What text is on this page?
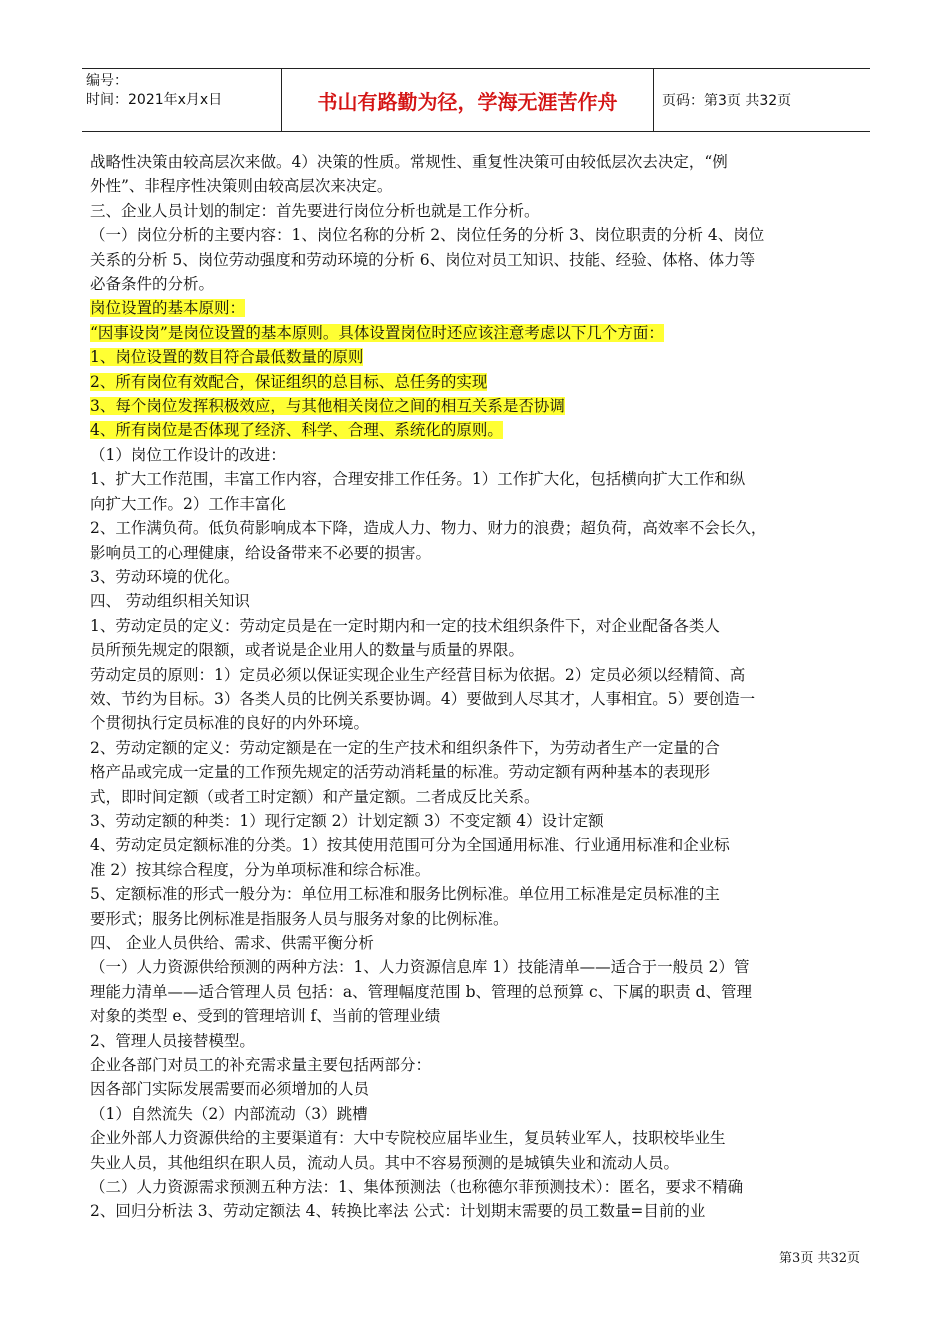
编号：
时间：2021年x月x日	书山有路勤为径，学海无涯苦作舟	页码：第3页 共32页

战略性决策由较高层次来做。4）决策的性质。常规性、重复性决策可由较低层次去决定，“例

外性”、非程序性决策则由较高层次来决定。

三、企业人员计划的制定：首先要进行岗位分析也就是工作分析。

（一）岗位分析的主要内容：1、岗位名称的分析 2、岗位任务的分析 3、岗位职责的分析 4、岗位

关系的分析 5、岗位劳动强度和劳动环境的分析 6、岗位对员工知识、技能、经验、体格、体力等

必备条件的分析。

岗位设置的基本原则：

“因事设岗”是岗位设置的基本原则。具体设置岗位时还应该注意考虑以下几个方面：

1、岗位设置的数目符合最低数量的原则

2、所有岗位有效配合，保证组织的总目标、总任务的实现

3、每个岗位发挥积极效应，与其他相关岗位之间的相互关系是否协调

4、所有岗位是否体现了经济、科学、合理、系统化的原则。

（1）岗位工作设计的改进：

1、扩大工作范围，丰富工作内容，合理安排工作任务。1）工作扩大化，包括横向扩大工作和纵

向扩大工作。2）工作丰富化

2、工作满负荷。低负荷影响成本下降，造成人力、物力、财力的浪费；超负荷，高效率不会长久，

影响员工的心理健康，给设备带来不必要的损害。

3、劳动环境的优化。

四、 劳动组织相关知识

1、劳动定员的定义：劳动定员是在一定时期内和一定的技术组织条件下，对企业配备各类人

员所预先规定的限额，或者说是企业用人的数量与质量的界限。

劳动定员的原则：1）定员必须以保证实现企业生产经营目标为依据。2）定员必须以经精简、高

效、节约为目标。3）各类人员的比例关系要协调。4）要做到人尽其才，人事相宜。5）要创造一

个贯彻执行定员标准的良好的内外环境。

2、劳动定额的定义：劳动定额是在一定的生产技术和组织条件下，为劳动者生产一定量的合

格产品或完成一定量的工作预先规定的活劳动消耗量的标准。劳动定额有两种基本的表现形

式，即时间定额（或者工时定额）和产量定额。二者成反比关系。

3、劳动定额的种类：1）现行定额 2）计划定额 3）不变定额 4）设计定额

4、劳动定员定额标准的分类。1）按其使用范围可分为全国通用标准、行业通用标准和企业标

准 2）按其综合程度，分为单项标准和综合标准。

5、定额标准的形式一般分为：单位用工标准和服务比例标准。单位用工标准是定员标准的主

要形式；服务比例标准是指服务人员与服务对象的比例标准。

四、 企业人员供给、需求、供需平衡分析

（一）人力资源供给预测的两种方法：1、人力资源信息库 1）技能清单——适合于一般员 2）管

理能力清单——适合管理人员 包括：a、管理幅度范围 b、管理的总预算 c、下属的职责 d、管理

对象的类型 e、受到的管理培训 f、当前的管理业绩

2、管理人员接替模型。

企业各部门对员工的补充需求量主要包括两部分：

因各部门实际发展需要而必须增加的人员

（1）自然流失（2）内部流动（3）跳槽

企业外部人力资源供给的主要渠道有：大中专院校应届毕业生，复员转业军人，技职校毕业生

失业人员，其他组织在职人员，流动人员。其中不容易预测的是城镇失业和流动人员。

（二）人力资源需求预测五种方法：1、集体预测法（也称德尔菲预测技术）：匿名，要求不精确

2、回归分析法 3、劳动定额法 4、转换比率法 公式：计划期末需要的员工数量=目前的业

第3页 共32页
